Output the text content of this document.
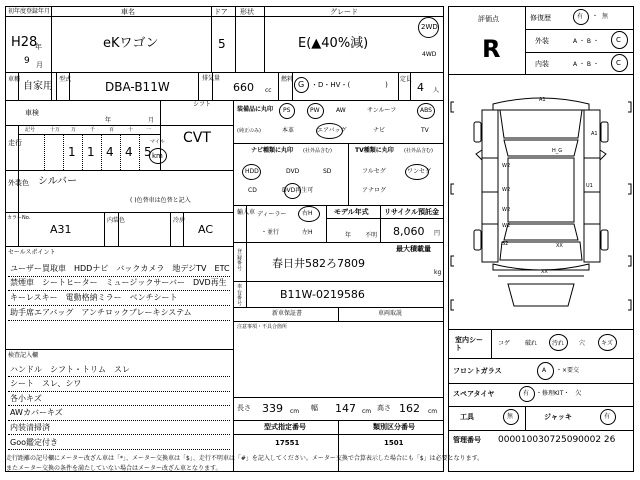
初年度登録年月
H28
年
9 月
車名
eKワゴン
ドア
5
形状	グレード
E(▲40%減)
2WD
4WD
車種
自家用
型式
DBA-B11W
排気量
660 cc
燃料
G ・D・HV・(　　　　　)
定員
4 人
車検
年	月
シフト
CVT
走行
記号	十万 万	千	百	十	一
1 1 4 4 5
マイル
km
外装色 シルバー
( )色替車は色替と記入
カラーNo.
A31
内装色	冷房
AC
セールスポイント
ユーザー買取車　HDDナビ　バックカメラ　地デジTV　ETC
禁煙車　シートヒーター　ミュージックサーバー　DVD再生
キーレスキー　電動格納ミラー　ベンチシート
助手席エアバッグ　アンチロックブレーキシステム
検査記入欄
ハンドル　シフト・トリム　スレ
シート　スレ、シワ
各小キズ
AWカバーキズ
内装清掃済
Goo鑑定付き
装備品に丸印
(純正のみ)
PS	PW	AW	サンルーフ	ABS
本革	エアバッグ	ナビ	TV
ナビ種類に丸印 (社外品含む)
HDD	DVD	SD
CD	DVD再生可
TV種類に丸印 (社外品含む)
フルセグ	ワンセグ
アナログ
輸入車 ディーラー
・並行
右H
左H
モデル年式
年 不明
リサイクル預託金
8,060 円
登録番号
最大積載量
春日井582ろ7809
kg
車台番号
B11W-0219586
新車保証書	車両取説
注意事項・不具合箇所
長さ 339 cm 幅 147 cm 高さ 162 cm
型式指定番号	類別区分番号
17551	1501
評価点
R
修復歴	有 ・ 無
外装	A ・ B ・ C
内装	A ・ B ・ C
A1
A1
W2
W2
W2
W2
U1
H_G
S2	XX
XX
室内シート
コゲ 破れ 汚れ 穴	キズ
フロントガラス	A ・×要交
スペアタイヤ	有 ・修理KIT・　欠
工具	無	ジャッキ	有
管理番号 000010030725090002 26
走行距離の記号欄にメーター改ざん車は「*」、メーター交換車は「$」、走行不明車は「#」を記入してください。メーター交換で合算表示した場合にも「$」は必要となります。
またメーター交換の条件を満たしていない場合はメーター改ざん車となります。
